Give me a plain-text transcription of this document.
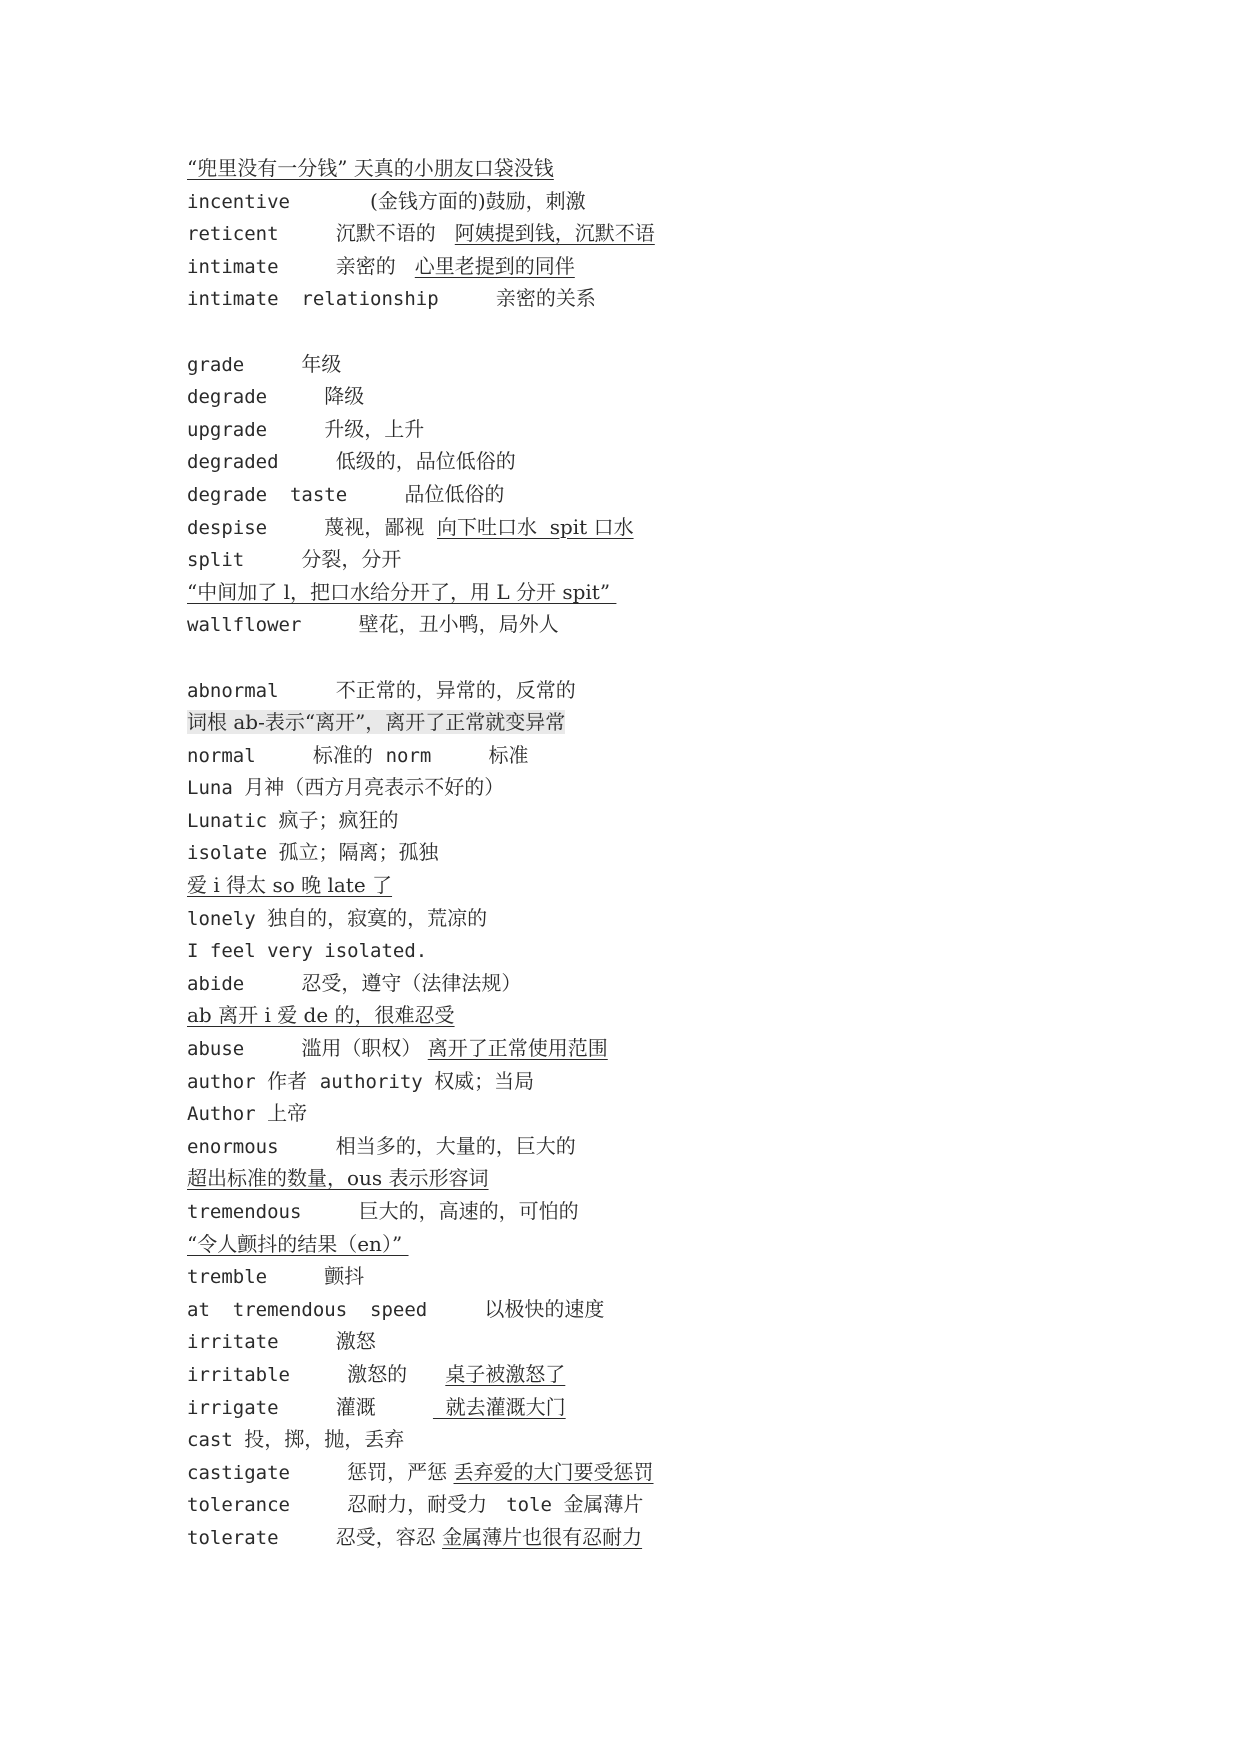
“兜里没有一分钱” 天真的小朋友口袋没钱
incentive       (金钱方面的)鼓励，刺激
reticent     沉默不语的   阿姨提到钱，沉默不语
intimate     亲密的   心里老提到的同伴
intimate  relationship     亲密的关系
grade     年级
degrade     降级
upgrade     升级，上升
degraded     低级的，品位低俗的
degrade  taste     品位低俗的
despise     蔑视，鄙视  向下吐口水  spit 口水
split     分裂，分开
“中间加了 l，把口水给分开了，用 L 分开 spit”
wallflower     壁花，丑小鸭，局外人
abnormal     不正常的，异常的，反常的
词根 ab-表示“离开”，离开了正常就变异常
normal     标准的  norm     标准
Luna 月神（西方月亮表示不好的）
Lunatic 疯子；疯狂的
isolate 孤立；隔离；孤独
爱 i 得太 so 晚 late 了
lonely 独自的，寂寞的，荒凉的
I feel very isolated.
abide     忍受，遵守（法律法规）
ab 离开 i 爱 de 的，很难忍受
abuse     滥用（职权） 离开了正常使用范围
author 作者  authority 权威；当局
Author 上帝
enormous     相当多的，大量的，巨大的
超出标准的数量，ous 表示形容词
tremendous     巨大的，高速的，可怕的
“令人颤抖的结果（en）”
tremble     颤抖
at  tremendous  speed     以极快的速度
irritate     激怒
irritable     激怒的      桌子被激怒了
irrigate     灌溉           就去灌溉大门
cast 投，掷，抛，丢弃
castigate     惩罚，严惩 丢弃爱的大门要受惩罚
tolerance     忍耐力，耐受力   tole 金属薄片
tolerate     忍受，容忍 金属薄片也很有忍耐力
